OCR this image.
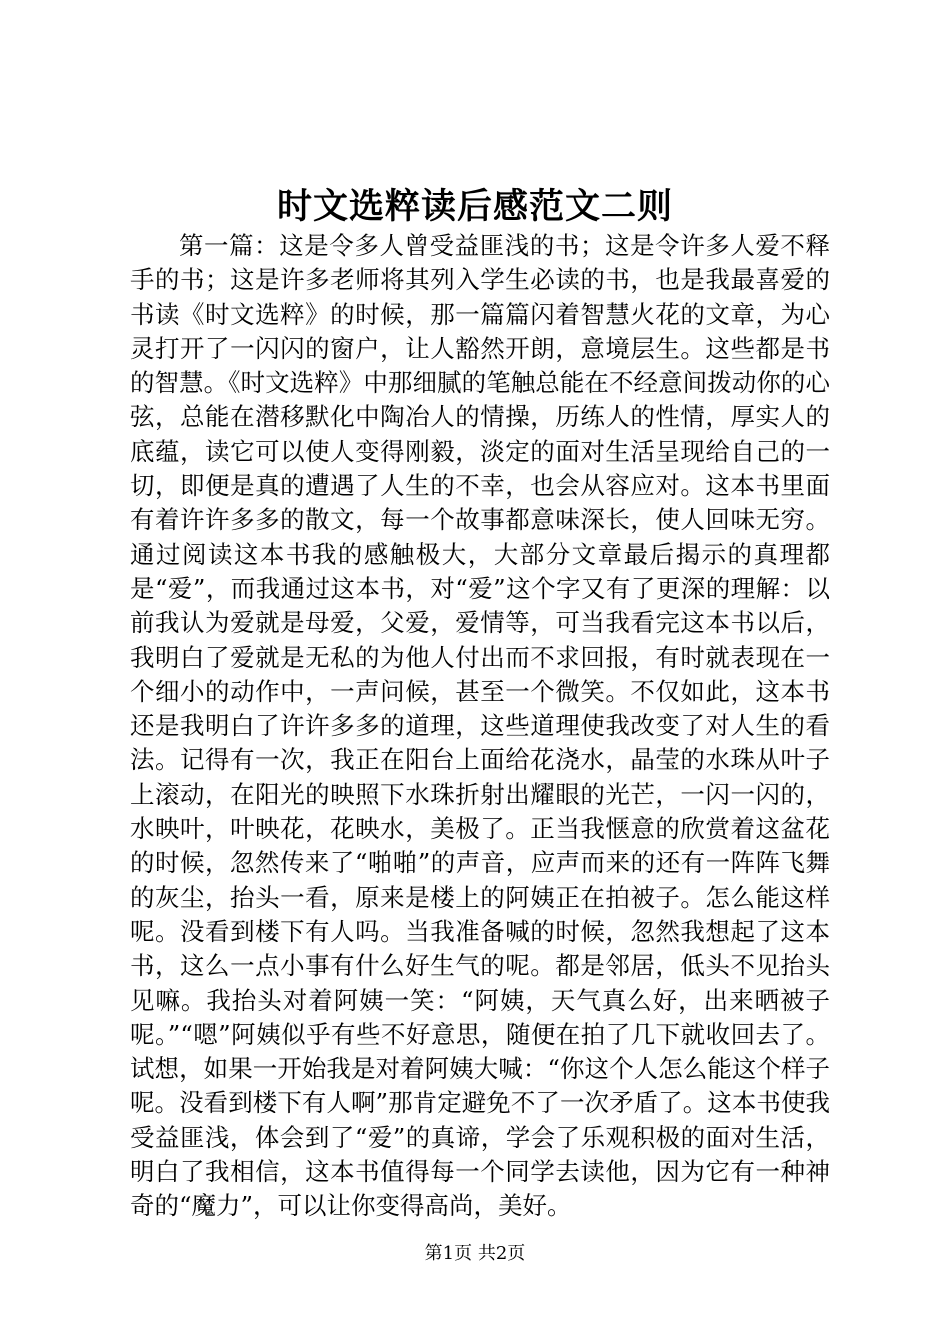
时文选粹读后感范文二则

第一篇：这是令多人曾受益匪浅的书；这是令许多人爱不释手的书；这是许多老师将其列入学生必读的书，也是我最喜爱的书读《时文选粹》的时候，那一篇篇闪着智慧火花的文章，为心灵打开了一闪闪的窗户，让人豁然开朗，意境层生。这些都是书的智慧。《时文选粹》中那细腻的笔触总能在不经意间拨动你的心弦，总能在潜移默化中陶冶人的情操，历练人的性情，厚实人的底蕴，读它可以使人变得刚毅，淡定的面对生活呈现给自己的一切，即便是真的遭遇了人生的不幸，也会从容应对。这本书里面有着许许多多的散文，每一个故事都意味深长，使人回味无穷。通过阅读这本书我的感触极大，大部分文章最后揭示的真理都是“爱”，而我通过这本书，对“爱”这个字又有了更深的理解：以前我认为爱就是母爱，父爱，爱情等，可当我看完这本书以后，我明白了爱就是无私的为他人付出而不求回报，有时就表现在一个细小的动作中，一声问候，甚至一个微笑。不仅如此，这本书还是我明白了许许多多的道理，这些道理使我改变了对人生的看法。记得有一次，我正在阳台上面给花浇水，晶莹的水珠从叶子上滚动，在阳光的映照下水珠折射出耀眼的光芒，一闪一闪的，水映叶，叶映花，花映水，美极了。正当我惬意的欣赏着这盆花的时候，忽然传来了“啪啪”的声音，应声而来的还有一阵阵飞舞的灰尘，抬头一看，原来是楼上的阿姨正在拍被子。怎么能这样呢。没看到楼下有人吗。当我准备喊的时候，忽然我想起了这本书，这么一点小事有什么好生气的呢。都是邻居，低头不见抬头见嘛。我抬头对着阿姨一笑：“阿姨，天气真么好，出来晒被子呢。”“嗯”阿姨似乎有些不好意思，随便在拍了几下就收回去了。试想，如果一开始我是对着阿姨大喊：“你这个人怎么能这个样子呢。没看到楼下有人啊”那肯定避免不了一次矛盾了。这本书使我受益匪浅，体会到了“爱”的真谛，学会了乐观积极的面对生活，明白了我相信，这本书值得每一个同学去读他，因为它有一种神奇的“魔力”，可以让你变得高尚，美好。

第1页 共2页
